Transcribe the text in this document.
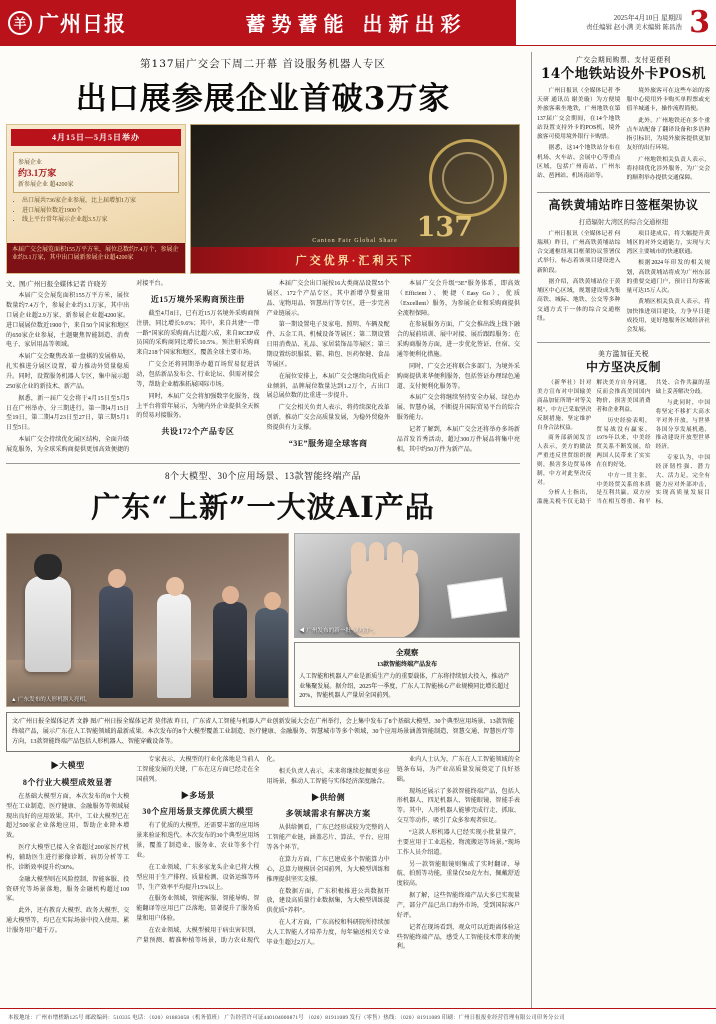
羊 广州日报	蓄势蓄能 出新出彩	2025年4月10日 星期四
责任编辑 赵小满 美术编辑 陈昌浩 3
第137届广交会下周二开幕 首设服务机器人专区
出口展参展企业首破3万家
4月15日—5月5日举办
参展企业
约3.1万家
新参展企业 超4200家
• 出口展共736家企业参展，比上届增加1万家
• 进口展展位数近1900个
• 线上平台常年展示企业超3.5万家
本届广交会展览面积155万平方米，展位总数约7.4万个，参展企业约3.1万家，其中出口展新参展企业超4200家
137
Canton Fair Global Share
广交优界·汇利天下

文、图/广州日报全媒体记者 许晓芳

本届广交会展览面积155万平方米，展位数量约7.4万个，参展企业约3.1万家，其中出口展企业超2.9万家，新参展企业超4200家。进口展展位数近1900个，来自50个国家和地区的650家企业参展，主题聚焦智能制造、消费电子、家居用品等领域。

本届广交会聚焦改革一盘棋的发展格局，扎实推进分展区设置，着力推动外贸量稳质升。同时，设置服务机器人专区，集中展示超250家企业的新技术、新产品。

据悉，新一届广交会将于4月15日至5月5日在广州举办，分三期进行。第一期4月15日至19日，第二期4月23日至27日，第三期5月1日至5日。

本届广交会持续优化展区结构，全面升级展览服务，为全球采购商提供更加高效便捷的对接平台。

近15万境外采购商预注册

截至4月8日，已有近15万名境外采购商预注册，同比增长9.6%；其中，来自共建“一带一路”国家的采购商占比超六成，来自RCEP成员国的采购商同比增长10.5%。预注册采购商来自218个国家和地区，覆盖全球主要市场。

广交会还将同期举办超百场贸易促进活动，包括新品发布会、行业论坛、供需对接会等，帮助企业精准拓展国际市场。

同时，本届广交会将加强数字化服务，线上平台将常年展示，为境内外企业提供全天候的贸易对接服务。

共设172个产品专区

本届广交会出口展按16大类商品设置55个展区、172个产品专区，其中新增孕婴童用品、宠物用品、智慧出行等专区，进一步完善产业链展示。

第一期设置电子及家电、照明、车辆及配件、五金工具、机械设备等展区；第二期设置日用消费品、礼品、家居装饰品等展区；第三期设置纺织服装、鞋、箱包、医药保健、食品等展区。

在展位安排上，本届广交会继续向优质企业倾斜，品牌展位数量达到1.2万个，占出口展总展位数的比重进一步提升。

广交会相关负责人表示，将持续深化改革创新，推动广交会高质量发展，为稳外贸稳外资提供有力支撑。

“3E”服务迎全球客商

本届广交会升级“3E”服务体系，即高效（Efficient）、便捷（Easy Go）、优质（Excellent）服务，为参展企业和采购商提供全流程保障。

在参展服务方面，广交会推出线上线下融合的展前培训、展中对接、展后跟踪服务；在采购商服务方面，进一步优化签证、住宿、交通等便利化措施。

同时，广交会还将联合多部门，为境外采购商提供来华便利服务，包括签证办理绿色通道、支付便利化服务等。

本届广交会将继续坚持安全办展、绿色办展、智慧办展，不断提升国际贸易平台的综合服务能力。

记者了解到，本届广交会还将举办多场新品首发首秀活动，超过300万件展品将集中亮相，其中约50万件为新产品。

8个大模型、30个应用场景、13款智能终端产品
广东“上新”一大波AI产品
▲ 广东发布的人形机器人亮相。
◀ 广州发布的新一批“灵巧手”。
全观察
13款智能终端产品发布
人工智能和机器人产业是新质生产力的重要载体，广东将持续加大投入，推动产业集聚发展。据介绍，2025年一季度，广东人工智能核心产业规模同比增长超过20%，智能机器人产量居全国前列。
文/广州日报全媒体记者 文静 图/广州日报全媒体记者 莫伟浓 昨日，广东省人工智能与机器人产业创新发展大会在广州举行，会上集中发布了8个基础大模型、30个典型应用场景、13款智能终端产品，展示广东在人工智能领域的最新成果。本次发布的8个大模型覆盖工业制造、医疗健康、金融服务、智慧城市等多个领域，30个应用场景涵盖智能制造、智慧交通、智慧医疗等方向，13款智能终端产品包括人形机器人、智能穿戴设备等。
▶大模型
8个行业大模型成效显著

在基础大模型方面，本次发布的8个大模型在工业制造、医疗健康、金融服务等领域展现出良好的应用效果。其中，工业大模型已在超过500家企业落地应用，帮助企业降本增效。

医疗大模型已接入全省超过200家医疗机构，辅助医生进行影像诊断、病历分析等工作，诊断效率提升约30%。

金融大模型则在风险控制、智能客服、投资研究等场景落地，服务金融机构超过100家。

此外，还有教育大模型、政务大模型、交通大模型等，均已在实际场景中投入使用，累计服务用户超千万。

专家表示，大模型的行业化落地是当前人工智能发展的关键，广东在这方面已经走在全国前列。

▶多场景
30个应用场景支撑优质大模型

有了优质的大模型，还需要丰富的应用场景来验证和迭代。本次发布的30个典型应用场景，覆盖了制造业、服务业、农业等多个行业。

在工业领域，广东多家龙头企业已将大模型应用于生产排程、质量检测、设备运维等环节，生产效率平均提升15%以上。

在服务业领域，智能客服、智能导购、智能翻译等应用已广泛落地，显著提升了服务质量和用户体验。

在农业领域，大模型被用于病虫害识别、产量预测、精准种植等场景，助力农业现代化。

相关负责人表示，未来将继续挖掘更多应用场景，推动人工智能与实体经济深度融合。

▶供给侧
多领域需求有解决方案

从供给侧看，广东已经形成较为完整的人工智能产业链，涵盖芯片、算法、平台、应用等各个环节。

在算力方面，广东已建成多个智能算力中心，总算力规模居全国前列，为大模型训练和推理提供坚实支撑。

在数据方面，广东积极推进公共数据开放，建设高质量行业数据集，为大模型训练提供优质“养料”。

在人才方面，广东高校和科研院所持续加大人工智能人才培养力度，每年输送相关专业毕业生超过2万人。

业内人士认为，广东在人工智能领域的全链条布局，为产业高质量发展奠定了良好基础。

现场还展示了多款智能终端产品，包括人形机器人、四足机器人、智能眼镜、智能手表等。其中，人形机器人能够完成行走、抓取、交互等动作，吸引了众多参观者驻足。

“这款人形机器人已经实现小批量量产，主要应用于工业巡检、物流搬运等场景。”现场工作人员介绍道。

另一款智能眼镜则集成了实时翻译、导航、拍照等功能，重量仅50克左右，佩戴舒适度较高。

据了解，这些智能终端产品大多已实现量产，部分产品已出口海外市场，受到国际客户好评。

记者在现场看到，观众可以近距离体验这些智能终端产品，感受人工智能技术带来的便利。

广交会期间购票、支付更便利
14个地铁站设外卡POS机

广州日报讯（全媒体记者 李天研 通讯员 谢美璇）为方便境外旅客乘坐地铁，广州地铁在第137届广交会期间，在14个地铁站设置支持外卡的POS机，境外旅客可使用境外银行卡购票。

据悉，这14个地铁站分布在机场、火车站、会展中心等重点区域，包括广州南站、广州东站、琶洲站、机场南站等。

境外旅客可在这些车站的客服中心使用外卡购买单程票或充值羊城通卡，操作流程简便。

此外，广州地铁还在多个重点车站配备了翻译设备和多语种指引标识，为境外旅客提供更加友好的出行环境。

广州地铁相关负责人表示，将持续优化涉外服务，为广交会的顺利举办提供交通保障。

高铁黄埔站昨日签框架协议
打造辐射大湾区的综合交通枢纽

广州日报讯（全媒体记者 何瑞琪）昨日，广州高铁黄埔站综合交通枢纽项目框架协议签署仪式举行，标志着该项目建设进入新阶段。

据介绍，高铁黄埔站位于黄埔区中心区域，规划建设成为集高铁、城际、地铁、公交等多种交通方式于一体的综合交通枢纽。

项目建成后，将大幅提升黄埔区的对外交通能力，实现与大湾区主要城市的快速联通。

根据2024年印发的相关规划，高铁黄埔站将成为广州东部的重要交通门户，预计日均客流量可达15万人次。

黄埔区相关负责人表示，将加快推进项目建设，力争早日建成投用，更好地服务区域经济社会发展。

美方滥加征关税
中方坚决反制

（新华社）针对美方宣布对中国输美商品加征所谓“对等关税”，中方已采取坚决反制措施，坚定维护自身合法权益。

商务部新闻发言人表示，美方的做法严重违反世贸组织规则，损害多边贸易体制，中方对此坚决反对。

分析人士指出，滥施关税不仅无助于解决美方自身问题，反而会推高美国国内物价，损害美国消费者和企业利益。

历史经验表明，贸易战没有赢家。1979年以来，中美经贸关系不断发展，给两国人民带来了实实在在的好处。

中方一贯主张，中美经贸关系的本质是互利共赢。双方应当在相互尊重、和平共处、合作共赢的基础上妥善解决分歧。

与此同时，中国将坚定不移扩大高水平对外开放，与世界各国分享发展机遇，推动建设开放型世界经济。

专家认为，中国经济韧性强、潜力大、活力足，完全有能力应对外部冲击，实现高质量发展目标。

本报地址：广州市增槎路125号 邮政编码：510335 电话：（020）81883058（机务值班） 广告经营许可证440104000871号 （020）81911089 发行（零售）热线：（020）81911089 印刷：广州日报报业经营管理有限公司印务分公司
